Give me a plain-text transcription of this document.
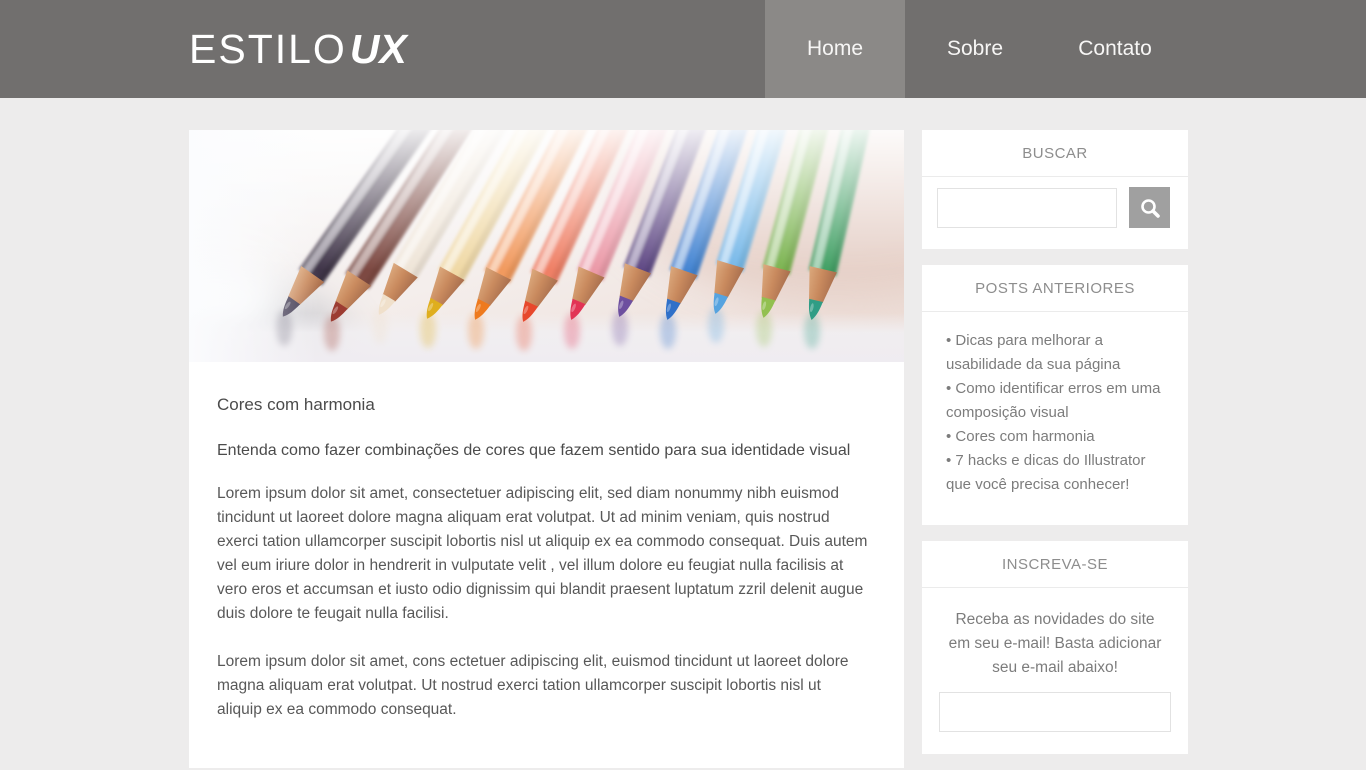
ESTILO UX	Home	Sobre	Contato
Cores com harmonia
Entenda como fazer combinações de cores que fazem sentido para sua identidade visual

Lorem ipsum dolor sit amet, consectetuer adipiscing elit, sed diam nonummy nibh euismod tincidunt ut laoreet dolore magna aliquam erat volutpat. Ut ad minim veniam, quis nostrud exerci tation ullamcorper suscipit lobortis nisl ut aliquip ex ea commodo consequat. Duis autem vel eum iriure dolor in hendrerit in vulputate velit , vel illum dolore eu feugiat nulla facilisis at vero eros et accumsan et iusto odio dignissim qui blandit praesent luptatum zzril delenit augue duis dolore te feugait nulla facilisi.

Lorem ipsum dolor sit amet, cons ectetuer adipiscing elit, euismod tincidunt ut laoreet dolore magna aliquam erat volutpat. Ut nostrud exerci tation ullamcorper suscipit lobortis nisl ut aliquip ex ea commodo consequat.

BUSCAR
POSTS ANTERIORES
• Dicas para melhorar a usabilidade da sua página
• Como identificar erros em uma composição visual
• Cores com harmonia
• 7 hacks e dicas do Illustrator que você precisa conhecer!
INSCREVA-SE
Receba as novidades do site em seu e-mail! Basta adicionar seu e-mail abaixo!
